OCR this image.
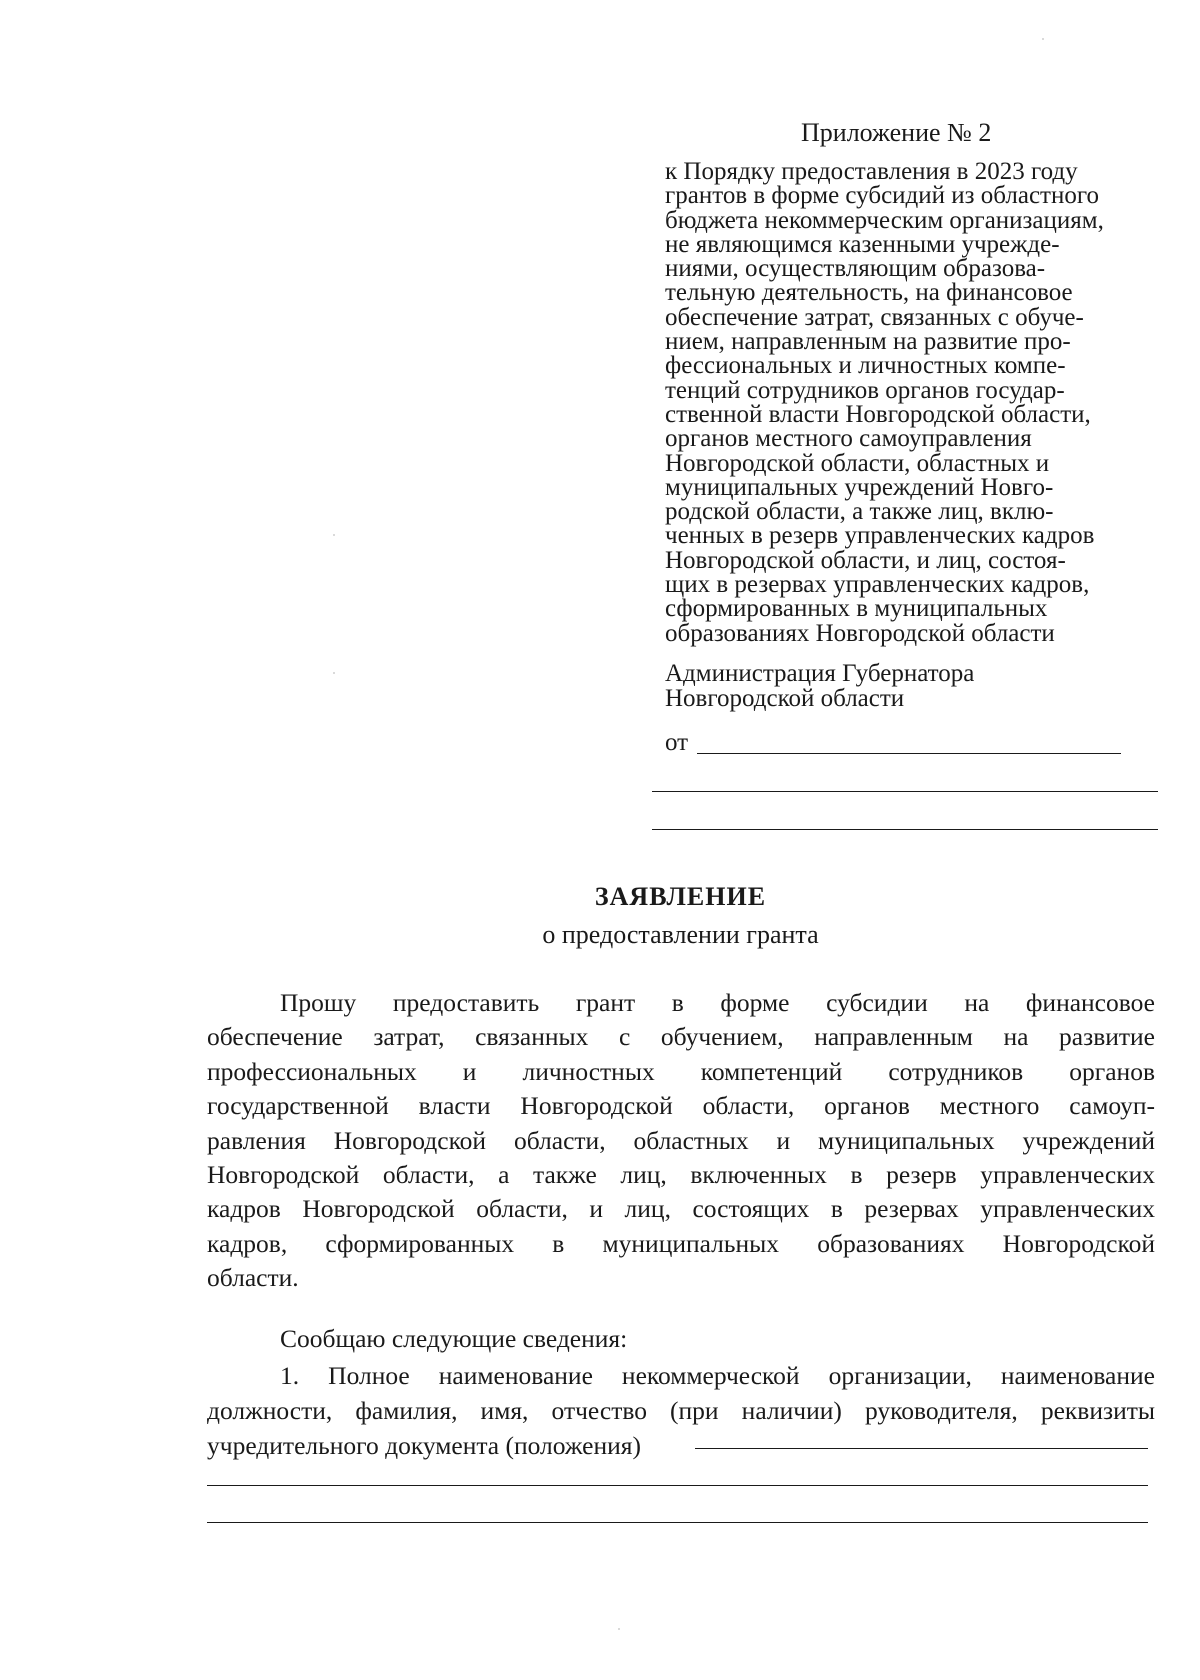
Приложение № 2

к Порядку предоставления в 2023 году
грантов в форме субсидий из областного
бюджета некоммерческим организациям,
не являющимся казенными учрежде-
ниями, осуществляющим образова-
тельную деятельность, на финансовое
обеспечение затрат, связанных с обуче-
нием, направленным на развитие про-
фессиональных и личностных компе-
тенций сотрудников органов государ-
ственной власти Новгородской области,
органов местного самоуправления
Новгородской области, областных и
муниципальных учреждений Новго-
родской области, а также лиц, вклю-
ченных в резерв управленческих кадров
Новгородской области, и лиц, состоя-
щих в резервах управленческих кадров,
сформированных в муниципальных
образованиях Новгородской области
Администрация Губернатора
Новгородской области
от

ЗАЯВЛЕНИЕ

о предоставлении гранта

Прошу предоставить грант в форме субсидии на финансовое
обеспечение затрат, связанных с обучением, направленным на развитие
профессиональных и личностных компетенций сотрудников органов
государственной власти Новгородской области, органов местного самоуп-
равления Новгородской области, областных и муниципальных учреждений
Новгородской области, а также лиц, включенных в резерв управленческих
кадров Новгородской области, и лиц, состоящих в резервах управленческих
кадров, сформированных в муниципальных образованиях Новгородской
области.

Сообщаю следующие сведения:

1. Полное наименование некоммерческой организации, наименование
должности, фамилия, имя, отчество (при наличии) руководителя, реквизиты
учредительного документа (положения)
